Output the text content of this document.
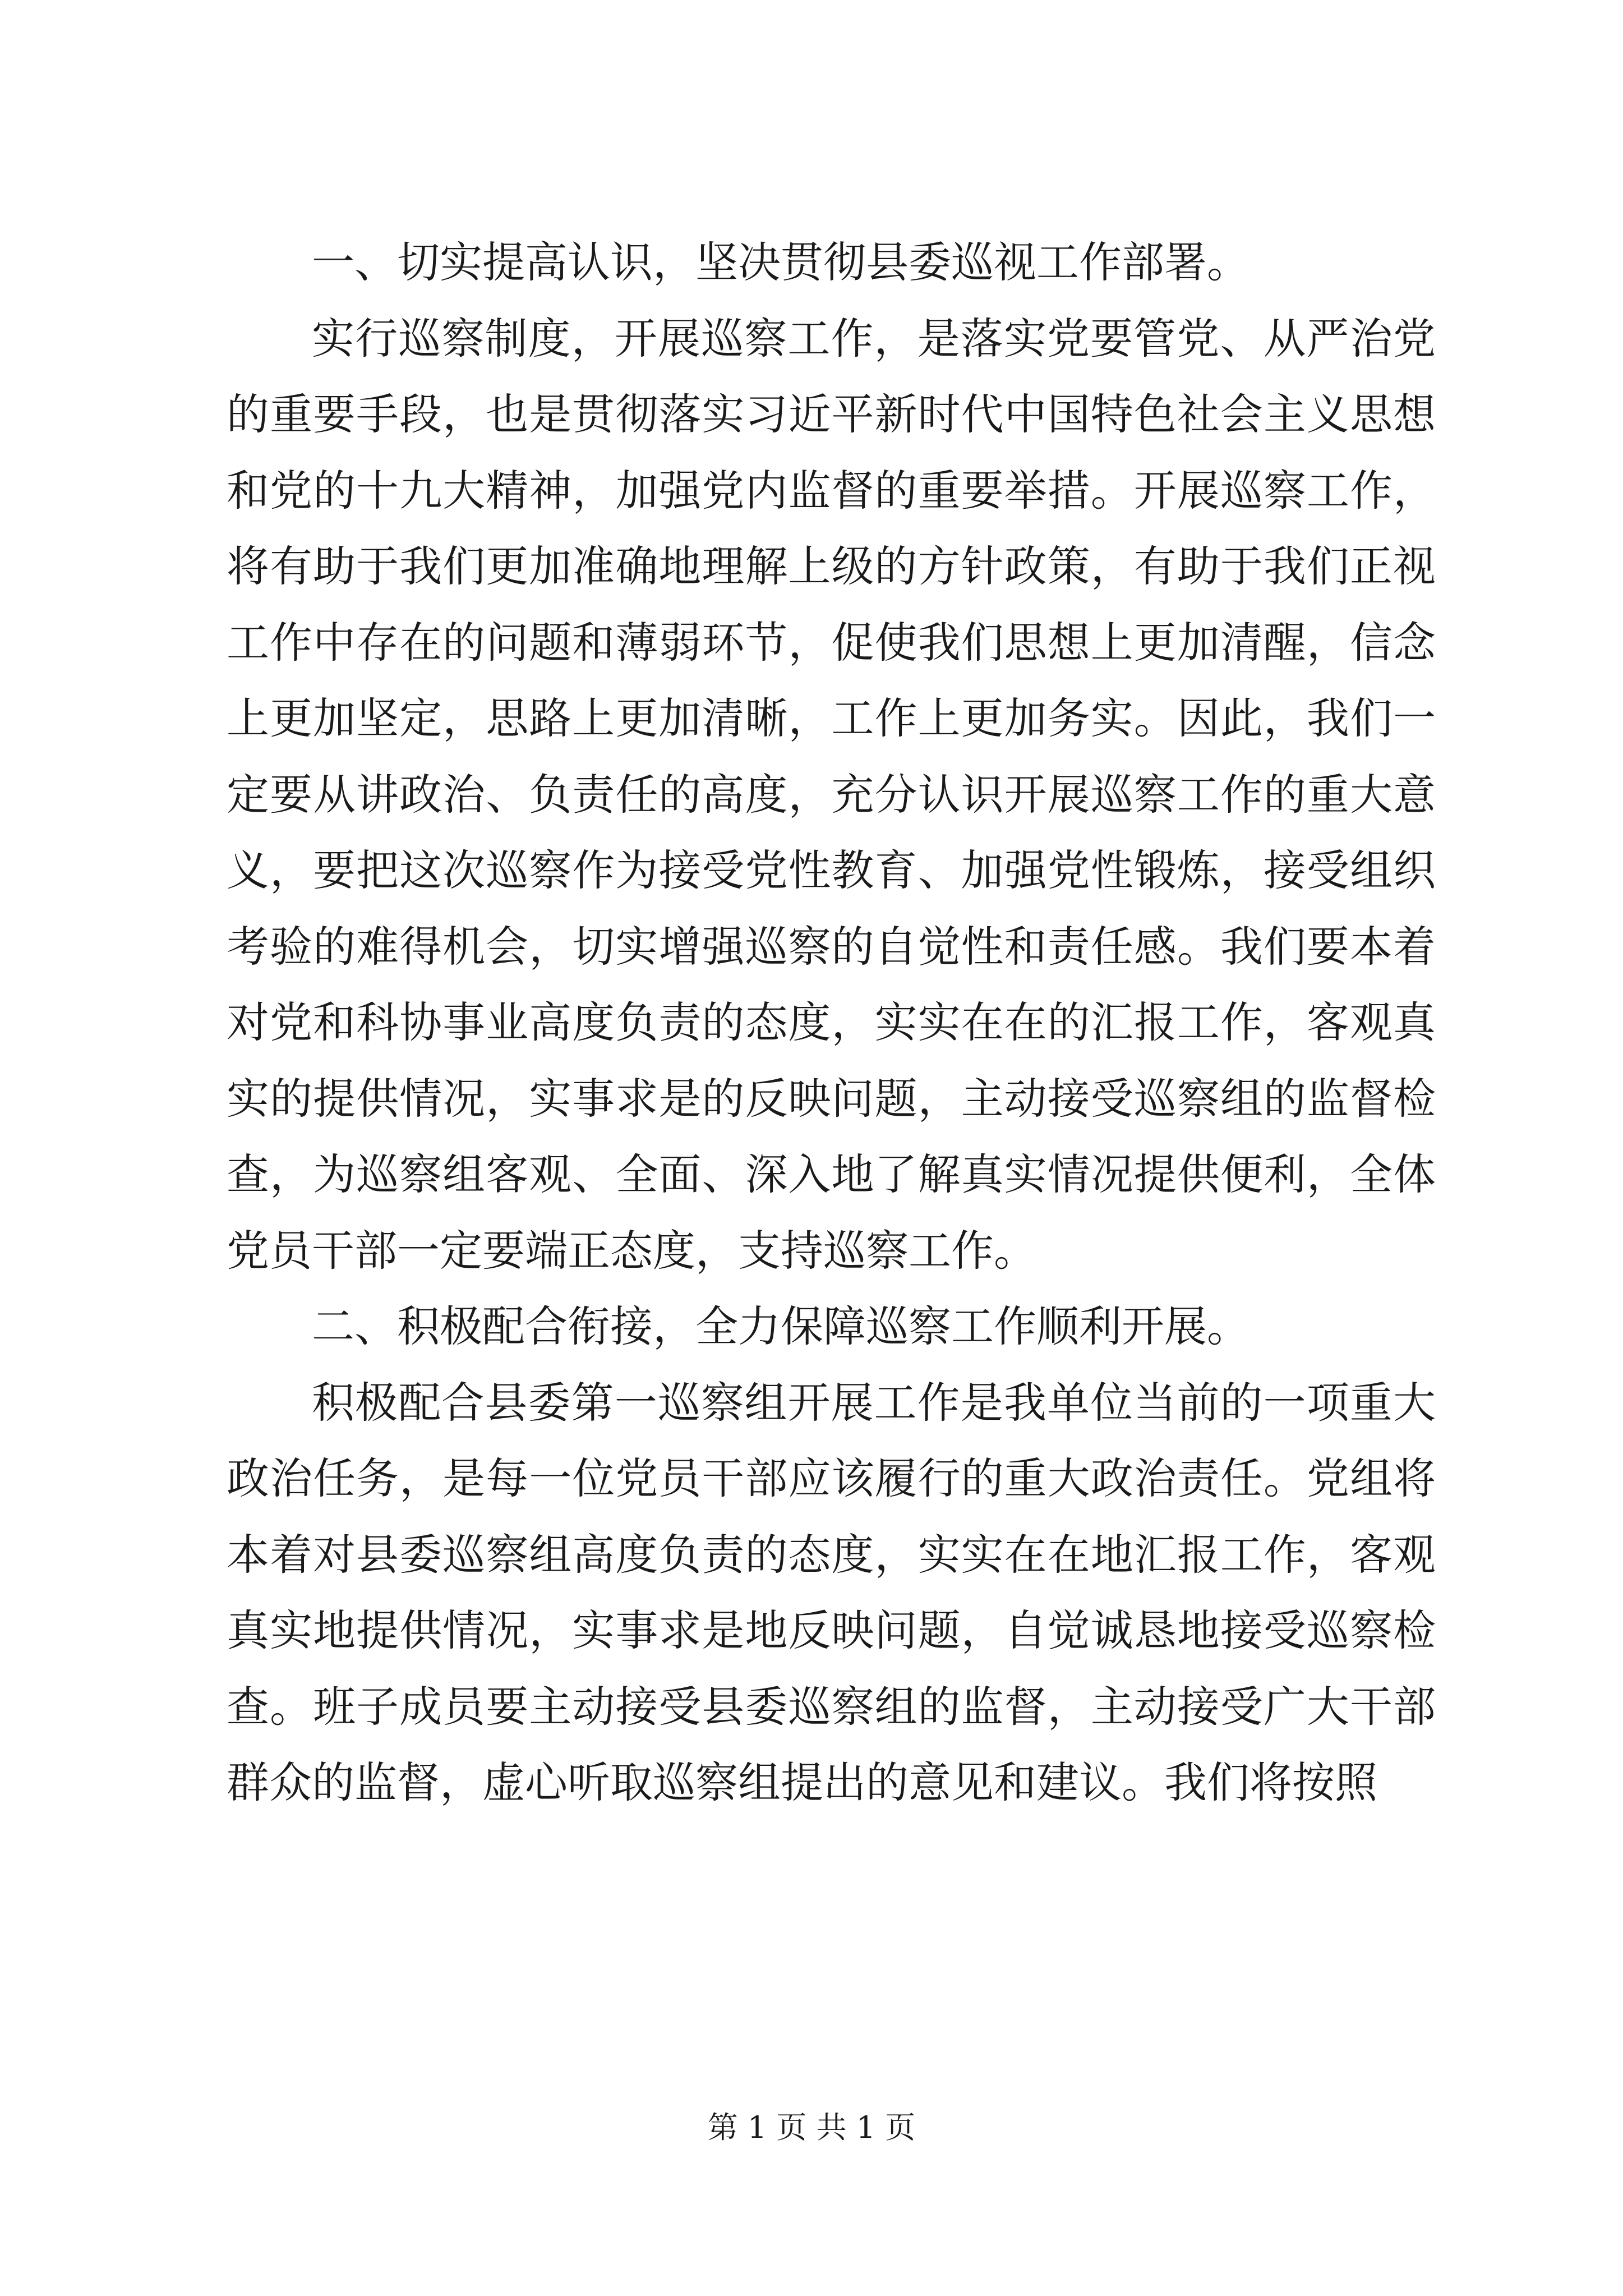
一、切实提高认识，坚决贯彻县委巡视工作部署。

实行巡察制度，开展巡察工作，是落实党要管党、从严治党的重要手段，也是贯彻落实习近平新时代中国特色社会主义思想和党的十九大精神，加强党内监督的重要举措。开展巡察工作，将有助于我们更加准确地理解上级的方针政策，有助于我们正视工作中存在的问题和薄弱环节，促使我们思想上更加清醒，信念上更加坚定，思路上更加清晰，工作上更加务实。因此，我们一定要从讲政治、负责任的高度，充分认识开展巡察工作的重大意义，要把这次巡察作为接受党性教育、加强党性锻炼，接受组织考验的难得机会，切实增强巡察的自觉性和责任感。我们要本着对党和科协事业高度负责的态度，实实在在的汇报工作，客观真实的提供情况，实事求是的反映问题，主动接受巡察组的监督检查，为巡察组客观、全面、深入地了解真实情况提供便利，全体党员干部一定要端正态度，支持巡察工作。

二、积极配合衔接，全力保障巡察工作顺利开展。

积极配合县委第一巡察组开展工作是我单位当前的一项重大政治任务，是每一位党员干部应该履行的重大政治责任。党组将本着对县委巡察组高度负责的态度，实实在在地汇报工作，客观真实地提供情况，实事求是地反映问题，自觉诚恳地接受巡察检查。班子成员要主动接受县委巡察组的监督，主动接受广大干部群众的监督，虚心听取巡察组提出的意见和建议。我们将按照

第 1 页 共 1 页
